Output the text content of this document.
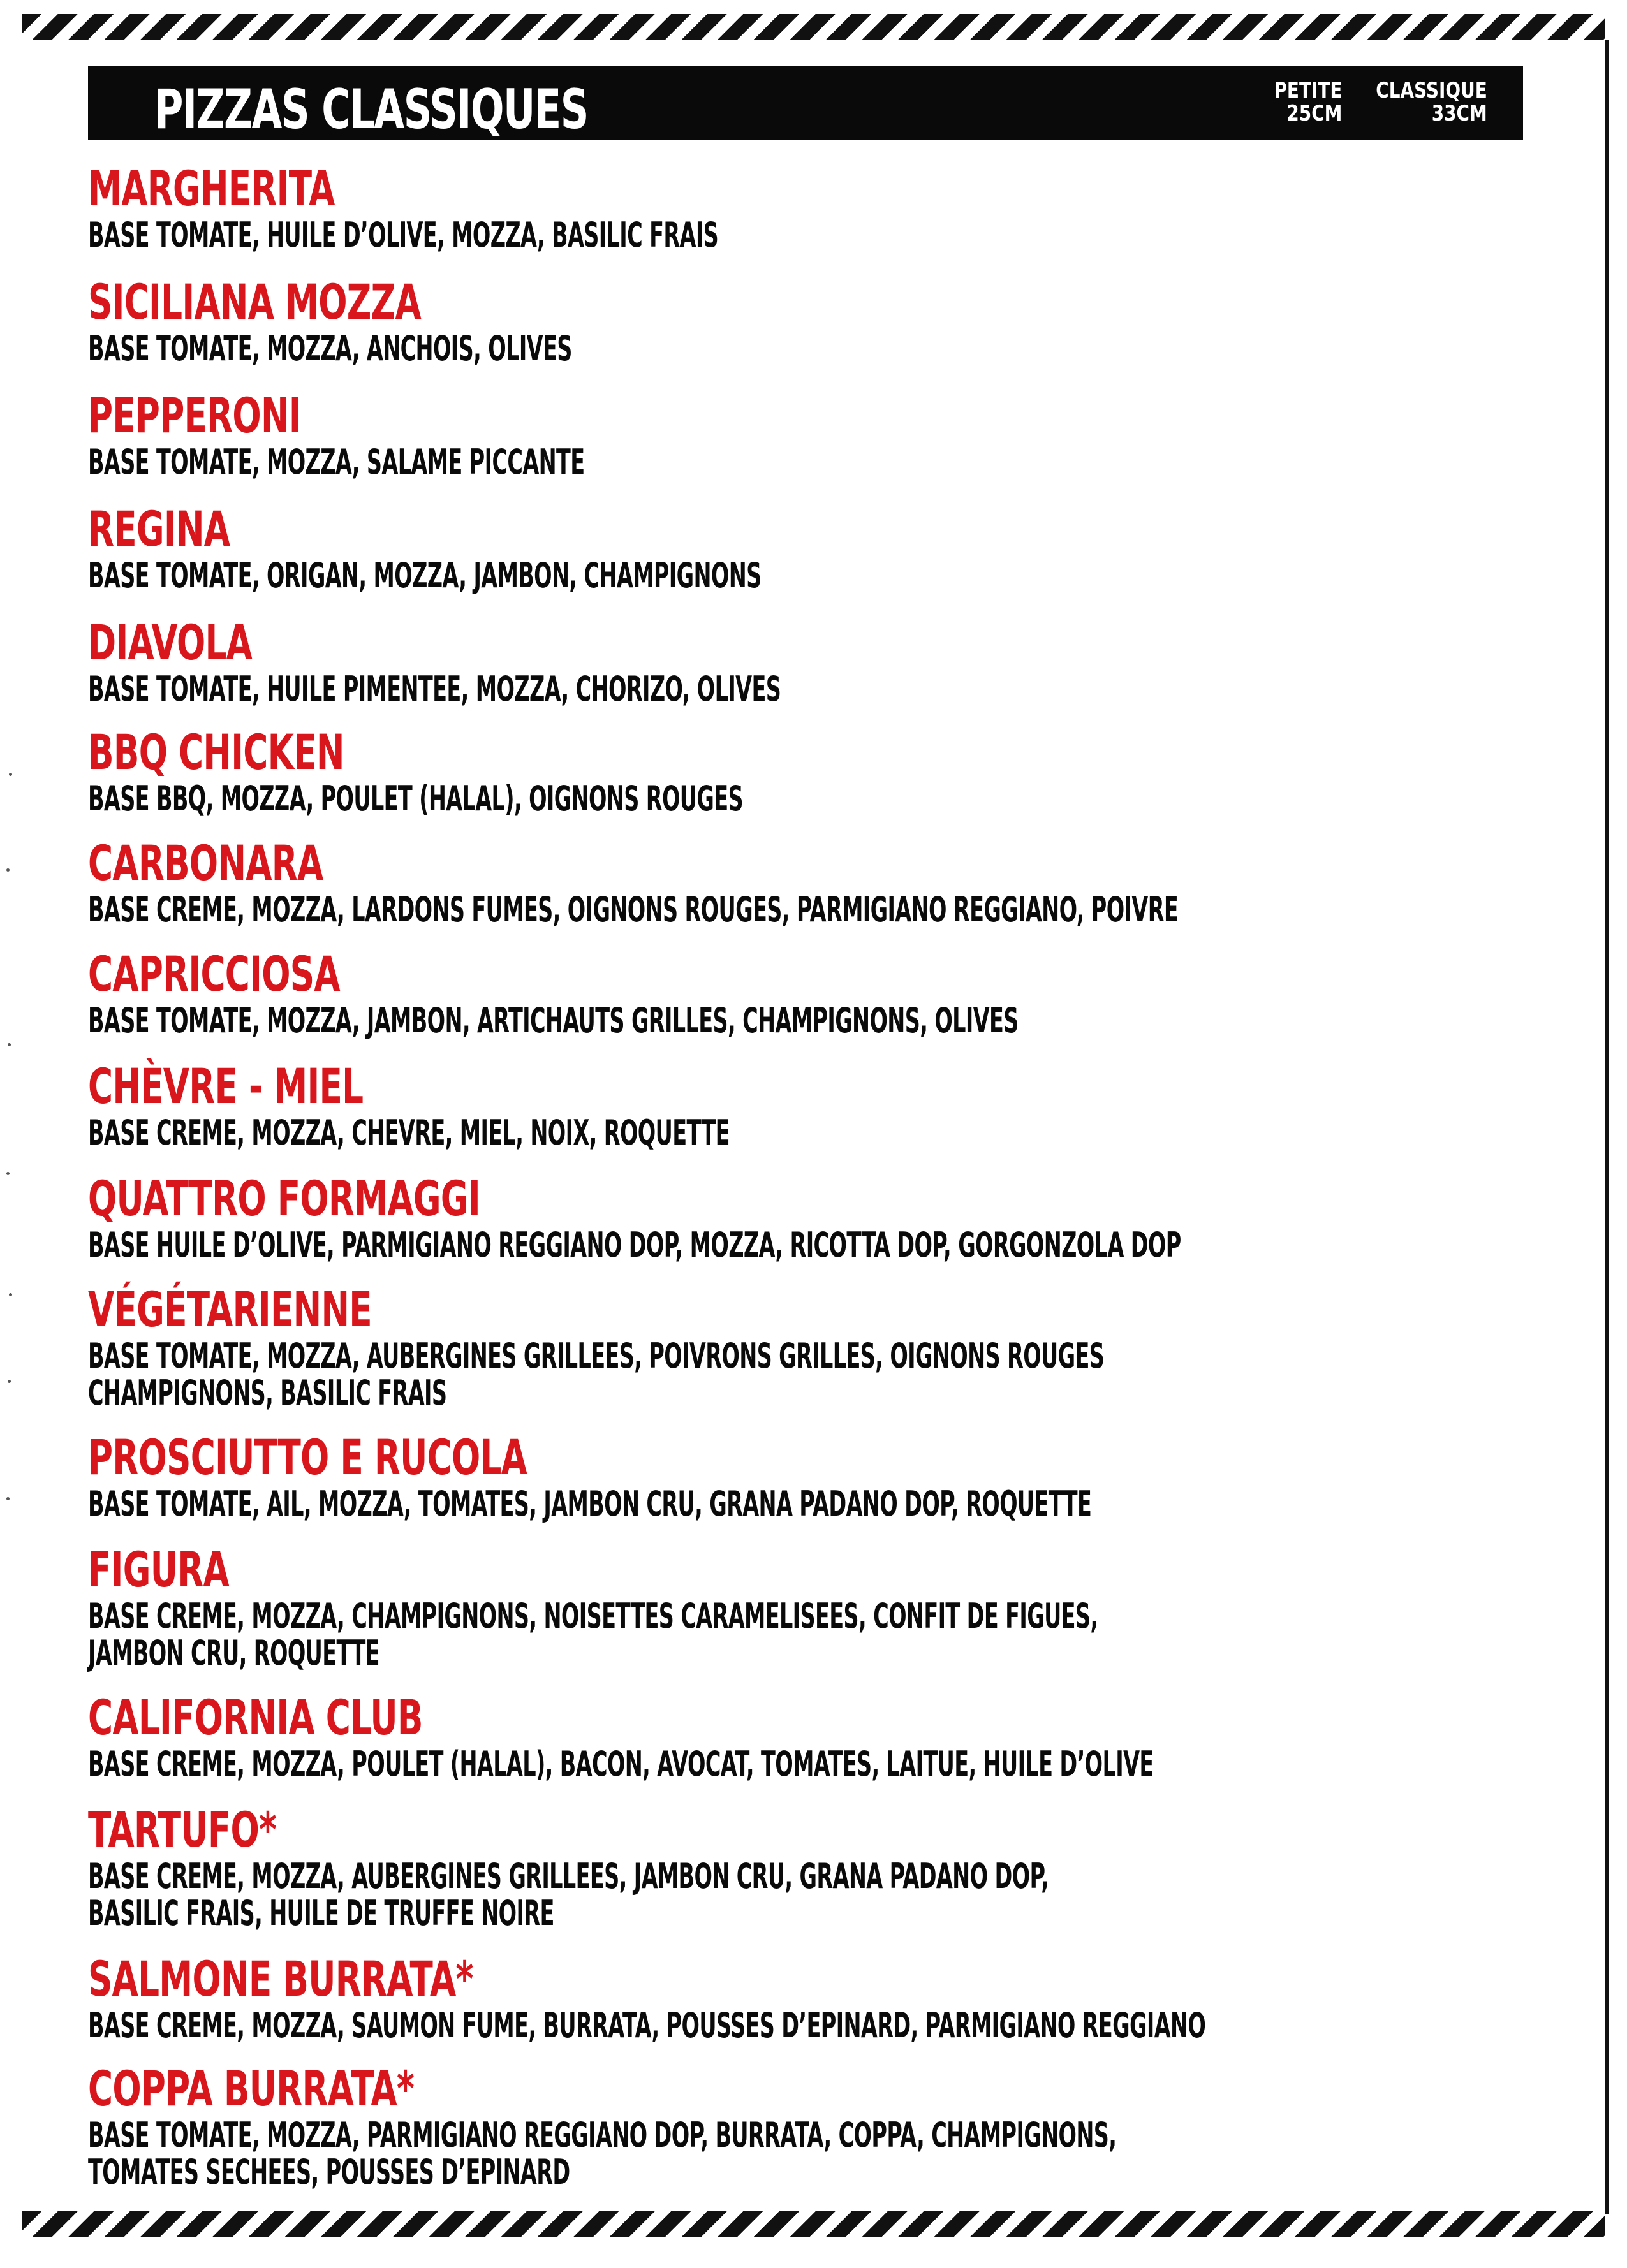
PIZZAS CLASSIQUES	PETITE
25CM
CLASSIQUE
33CM
MARGHERITA
BASE TOMATE, HUILE D’OLIVE, MOZZA, BASILIC FRAIS
SICILIANA MOZZA
BASE TOMATE, MOZZA, ANCHOIS, OLIVES
PEPPERONI
BASE TOMATE, MOZZA, SALAME PICCANTE
REGINA
BASE TOMATE, ORIGAN, MOZZA, JAMBON, CHAMPIGNONS
DIAVOLA
BASE TOMATE, HUILE PIMENTEE, MOZZA, CHORIZO, OLIVES
BBQ CHICKEN
BASE BBQ, MOZZA, POULET (HALAL), OIGNONS ROUGES
CARBONARA
BASE CREME, MOZZA, LARDONS FUMES, OIGNONS ROUGES, PARMIGIANO REGGIANO, POIVRE
CAPRICCIOSA
BASE TOMATE, MOZZA, JAMBON, ARTICHAUTS GRILLES, CHAMPIGNONS, OLIVES
CHÈVRE - MIEL
BASE CREME, MOZZA, CHEVRE, MIEL, NOIX, ROQUETTE
QUATTRO FORMAGGI
BASE HUILE D’OLIVE, PARMIGIANO REGGIANO DOP, MOZZA, RICOTTA DOP, GORGONZOLA DOP
VÉGÉTARIENNE
BASE TOMATE, MOZZA, AUBERGINES GRILLEES, POIVRONS GRILLES, OIGNONS ROUGES
CHAMPIGNONS, BASILIC FRAIS
PROSCIUTTO E RUCOLA
BASE TOMATE, AIL, MOZZA, TOMATES, JAMBON CRU, GRANA PADANO DOP, ROQUETTE
FIGURA
BASE CREME, MOZZA, CHAMPIGNONS, NOISETTES CARAMELISEES, CONFIT DE FIGUES,
JAMBON CRU, ROQUETTE
CALIFORNIA CLUB
BASE CREME, MOZZA, POULET (HALAL), BACON, AVOCAT, TOMATES, LAITUE, HUILE D’OLIVE
TARTUFO*
BASE CREME, MOZZA, AUBERGINES GRILLEES, JAMBON CRU, GRANA PADANO DOP,
BASILIC FRAIS, HUILE DE TRUFFE NOIRE
SALMONE BURRATA*
BASE CREME, MOZZA, SAUMON FUME, BURRATA, POUSSES D’EPINARD, PARMIGIANO REGGIANO
COPPA BURRATA*
BASE TOMATE, MOZZA, PARMIGIANO REGGIANO DOP, BURRATA, COPPA, CHAMPIGNONS,
TOMATES SECHEES, POUSSES D’EPINARD
